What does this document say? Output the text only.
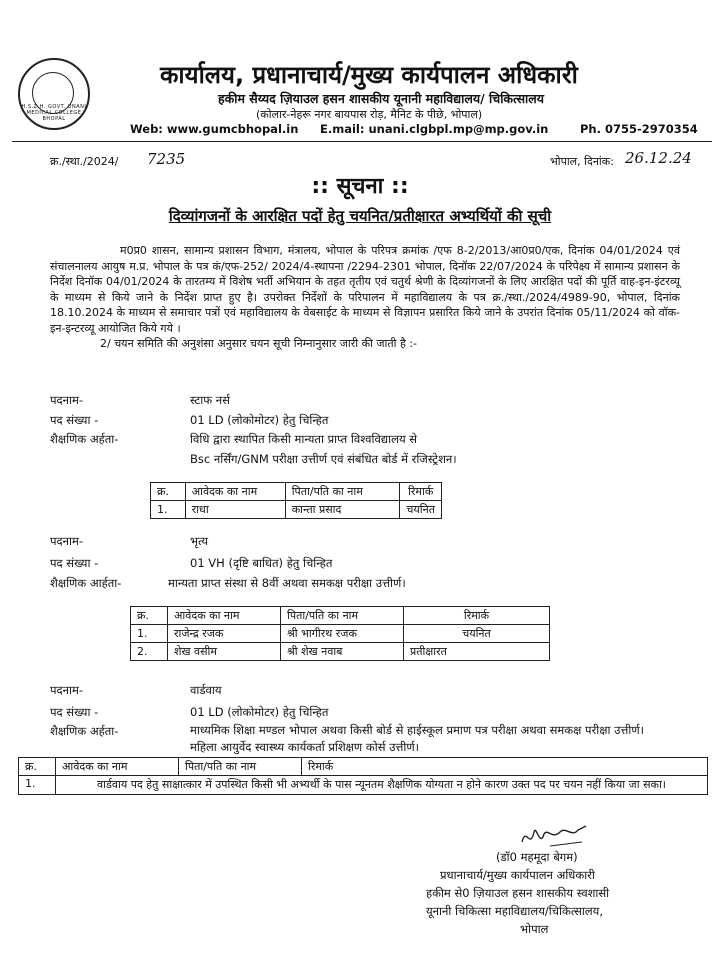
H.S.Z.H. GOVT. UNANI MEDICAL COLLEGE BHOPAL
कार्यालय, प्रधानाचार्य/मुख्य कार्यपालन अधिकारी
हकीम सैय्यद ज़ियाउल हसन शासकीय यूनानी महाविद्यालय/ चिकित्सालय
(कोलार-नेहरू नगर बायपास रोड़, मैनिट के पीछे, भोपाल)
Web: www.gumcbhopal.in E.mail: unani.clgbpl.mp@mp.gov.in	Ph. 0755-2970354
क्र./स्था./2024/ 7235	भोपाल, दिनांक: 26.12.24
:: सूचना ::
दिव्यांगजनों के आरक्षित पदों हेतु चयनित/प्रतीक्षारत अभ्यर्थियों की सूची

म0प्र0 शासन, सामान्य प्रशासन विभाग, मंत्रालय, भोपाल के परिपत्र क्रमांक /एफ 8-2/2013/आ0प्र0/एक, दिनांक 04/01/2024 एवं संचालनालय आयुष म.प्र. भोपाल के पत्र कं/एफ-252/ 2024/4-स्थापना /2294-2301 भोपाल, दिनॉक 22/07/2024 के परिपेक्ष्य में सामान्य प्रशासन के निर्देश दिनॉक 04/01/2024 के तारतम्य में विशेष भर्ती अभियान के तहत तृतीय एवं चतुर्थ श्रेणी के दिव्यांगजनों के लिए आरक्षित पदों की पूर्ति वाह-इन-इंटरव्यू के माध्यम से किये जाने के निर्देश प्राप्त हुए है। उपरोक्त निर्देशों के परिपालन में महाविद्यालय के पत्र क्र./स्था./2024/4989-90, भोपाल, दिनांक 18.10.2024 के माध्यम से समाचार पत्रों एवं महाविद्यालय के वेबसाईट के माध्यम से विज्ञापन प्रसारित किये जाने के उपरांत दिनांक 05/11/2024 को वॉक-इन-इन्टरव्यू आयोजित किये गये ।

2/ चयन समिति की अनुशंसा अनुसार चयन सूची निम्नानुसार जारी की जाती है :-

पदनाम-	स्टाफ नर्स
पद संख्या -	01 LD (लोकोमोटर) हेतु चिन्हित
शैक्षणिक अर्हता-	विधि द्वारा स्थापित किसी मान्यता प्राप्त विश्वविद्यालय से
Bsc नर्सिंग/GNM परीक्षा उत्तीर्ण एवं संबंधित बोर्ड में रजिस्ट्रेशन।
क्र.	आवेदक का नाम	पिता/पति का नाम	रिमार्क
1.	राधा	कान्ता प्रसाद	चयनित
पदनाम-	भृत्य
पद संख्या -	01 VH (दृष्टि बाधित) हेतु चिन्हित
शैक्षणिक आर्हता-	मान्यता प्राप्त संस्था से 8वीं अथवा समकक्ष परीक्षा उत्तीर्ण।
क्र.	आवेदक का नाम	पिता/पति का नाम	रिमार्क
1.	राजेन्द्र रजक	श्री भागीरथ रजक	चयनित
2.	शेख वसीम	श्री शेख नवाब	प्रतीक्षारत
पदनाम-	वार्डवाय
पद संख्या -	01 LD (लोकोमोटर) हेतु चिन्हित
शैक्षणिक अर्हता-	माध्यमिक शिक्षा मण्डल भोपाल अथवा किसी बोर्ड से हाईस्कूल प्रमाण पत्र परीक्षा अथवा समकक्ष परीक्षा उत्तीर्ण। महिला आयुर्वेद स्वास्थ्य कार्यकर्ता प्रशिक्षण कोर्स उत्तीर्ण।
क्र.	आवेदक का नाम	पिता/पति का नाम	रिमार्क
1.	वार्डवाय पद हेतु साक्षात्कार में उपस्थित किसी भी अभ्यर्थी के पास न्यूनतम शैक्षणिक योग्यता न होने कारण उक्त पद पर चयन नहीं किया जा सका।		
(डॉ0 महमूदा बेगम)
प्रधानाचार्य/मुख्य कार्यपालन अधिकारी
हकीम से0 ज़ियाउल हसन शासकीय स्वशासी
यूनानी चिकित्सा महाविद्यालय/चिकित्सालय,
भोपाल
